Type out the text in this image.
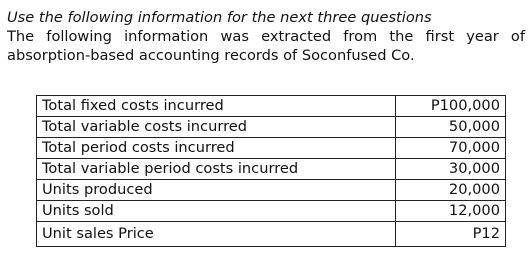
Use the following information for the next three questions
The following information was extracted from the first year of absorption-based accounting records of Soconfused Co.
Total fixed costs incurred	P100,000
Total variable costs incurred	50,000
Total period costs incurred	70,000
Total variable period costs incurred	30,000
Units produced	20,000
Units sold	12,000
Unit sales Price	P12
